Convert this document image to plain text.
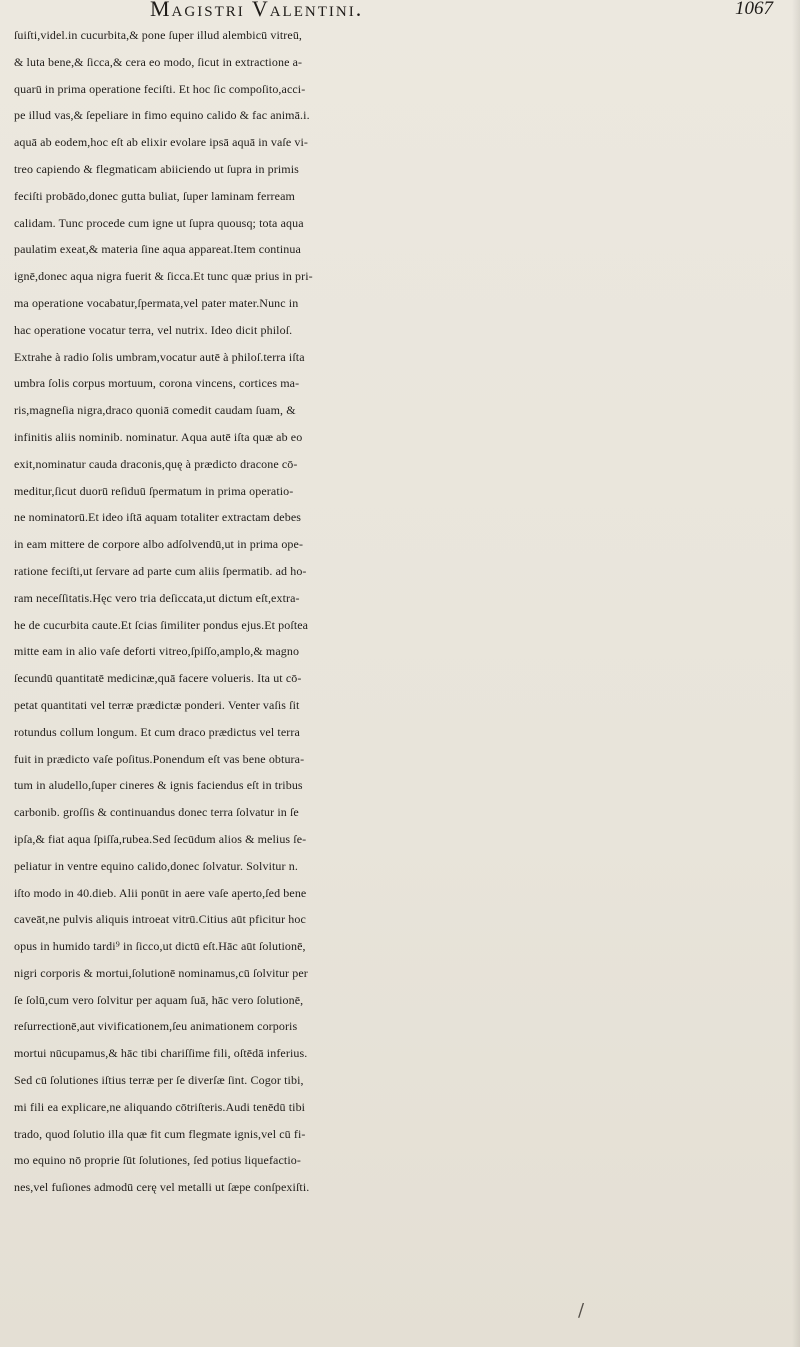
Magistri Valentini.	1067
ſuiſti,videl.in cucurbita,& pone ſuper illud alembicū vitreū,
& luta bene,& ſicca,& cera eo modo, ſicut in extractione a-
quarū in prima operatione feciſti. Et hoc ſic compoſito,acci-
pe illud vas,& ſepeliare in fimo equino calido & fac animā.i.
aquā ab eodem,hoc eſt ab elixir evolare ipsā aquā in vaſe vi-
treo capiendo & flegmaticam abiiciendo ut ſupra in primis
feciſti probādo,donec gutta buliat, ſuper laminam ferream
calidam. Tunc procede cum igne ut ſupra quousq; tota aqua
paulatim exeat,& materia ſine aqua appareat.Item continua
ignē,donec aqua nigra fuerit & ſicca.Et tunc quæ prius in pri-
ma operatione vocabatur,ſpermata,vel pater mater.Nunc in
hac operatione vocatur terra, vel nutrix. Ideo dicit philoſ.
Extrahe à radio ſolis umbram,vocatur autē à philoſ.terra iſta
umbra ſolis corpus mortuum, corona vincens, cortices ma-
ris,magneſia nigra,draco quoniā comedit caudam ſuam, &
infinitis aliis nominib. nominatur. Aqua autē iſta quæ ab eo
exit,nominatur cauda draconis,quę à prædicto dracone cō-
meditur,ſicut duorū reſiduū ſpermatum in prima operatio-
ne nominatorū.Et ideo iſtā aquam totaliter extractam debes
in eam mittere de corpore albo adſolvendū,ut in prima ope-
ratione feciſti,ut ſervare ad parte cum aliis ſpermatib. ad ho-
ram neceſſitatis.Hęc vero tria deſiccata,ut dictum eſt,extra-
he de cucurbita caute.Et ſcias ſimiliter pondus ejus.Et poſtea
mitte eam in alio vaſe deforti vitreo,ſpiſſo,amplo,& magno
ſecundū quantitatē medicinæ,quā facere volueris. Ita ut cō-
petat quantitati vel terræ prædictæ ponderi. Venter vaſis ſit
rotundus collum longum. Et cum draco prædictus vel terra
fuit in prædicto vaſe poſitus.Ponendum eſt vas bene obtura-
tum in aludello,ſuper cineres & ignis faciendus eſt in tribus
carbonib. groſſis & continuandus donec terra ſolvatur in ſe
ipſa,& fiat aqua ſpiſſa,rubea.Sed ſecūdum alios & melius ſe-
peliatur in ventre equino calido,donec ſolvatur. Solvitur n.
iſto modo in 40.dieb. Alii ponūt in aere vaſe aperto,ſed bene
caveāt,ne pulvis aliquis introeat vitrū.Citius aūt pficitur hoc
opus in humido tardi⁹ in ſicco,ut dictū eſt.Hāc aūt ſolutionē,
nigri corporis & mortui,ſolutionē nominamus,cū ſolvitur per
ſe ſolū,cum vero ſolvitur per aquam ſuā, hāc vero ſolutionē,
reſurrectionē,aut vivificationem,ſeu animationem corporis
mortui nūcupamus,& hāc tibi chariſſime fili, oſtēdā inferius.
Sed cū ſolutiones iſtius terræ per ſe diverſæ ſint. Cogor tibi,
mi fili ea explicare,ne aliquando cōtriſteris.Audi tenēdū tibi
trado, quod ſolutio illa quæ fit cum flegmate ignis,vel cū fi-
mo equino nō proprie ſūt ſolutiones, ſed potius liquefactio-
nes,vel fuſiones admodū cerę vel metalli ut ſæpe conſpexiſti.
/
